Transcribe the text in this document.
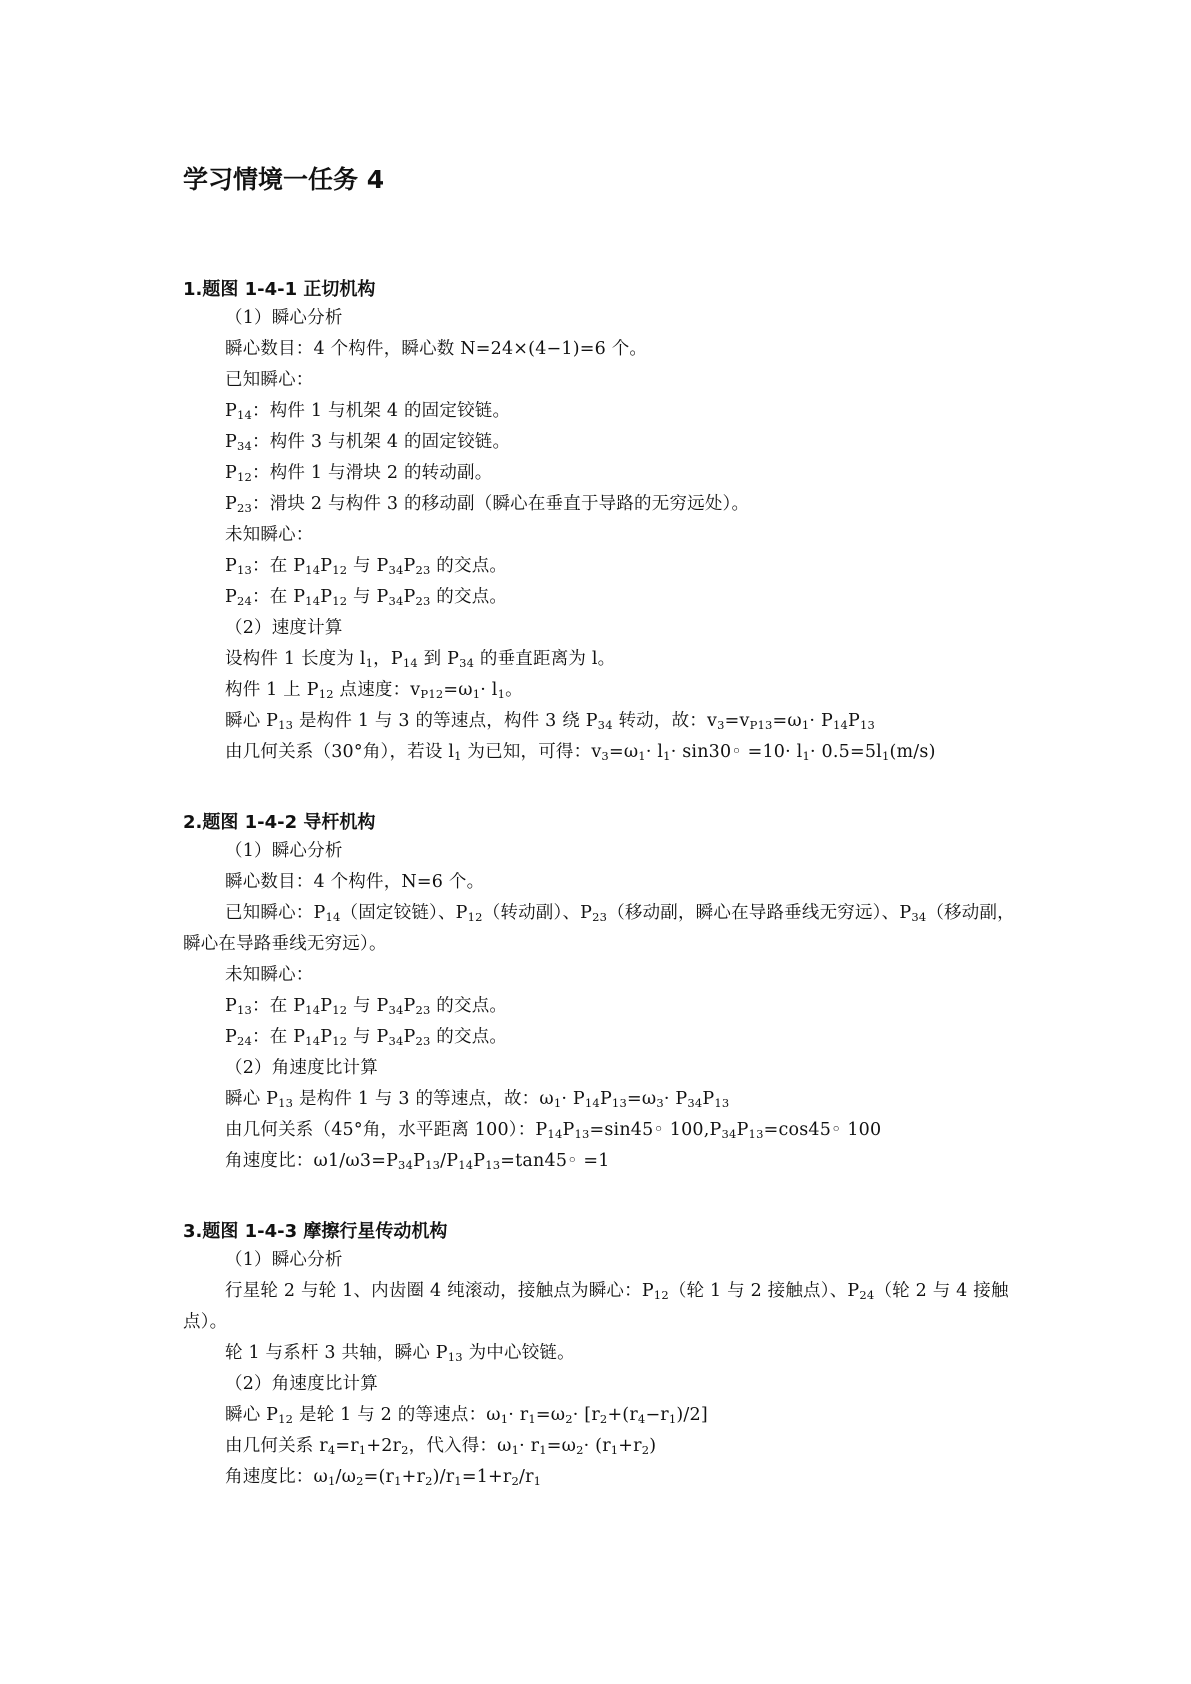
学习情境一任务 4
1.题图 1-4-1 正切机构
（1）瞬心分析
瞬心数目：4 个构件，瞬心数 N=24×(4−1)=6 个。
已知瞬心：
$P_{14}$：构件 1 与机架 4 的固定铰链。
$P_{34}$：构件 3 与机架 4 的固定铰链。
$P_{12}$：构件 1 与滑块 2 的转动副。
$P_{23}$：滑块 2 与构件 3 的移动副（瞬心在垂直于导路的无穷远处）。
未知瞬心：
$P_{13}$：在 $P_{14}P_{12}$ 与 $P_{34}P_{23}$ 的交点。
$P_{24}$：在 $P_{14}P_{12}$ 与 $P_{34}P_{23}$ 的交点。
（2）速度计算
设构件 1 长度为 $l_1$，$P_{14}$ 到 $P_{34}$ 的垂直距离为 l。
构件 1 上 $P_{12}$ 点速度：$v_{P12}=\omega_1\cdot l_1$。
瞬心 $P_{13}$ 是构件 1 与 3 的等速点，构件 3 绕 $P_{34}$ 转动，故：$v_3=v_{P13}=\omega_1\cdot P_{14}P_{13}$
由几何关系（30°角），若设 $l_1$ 为已知，可得：$v_3=\omega_1\cdot l_1\cdot$ sin30◦ $=10\cdot l_1\cdot 0.5=5l_1(m/s)$
2.题图 1-4-2 导杆机构
（1）瞬心分析
瞬心数目：4 个构件，N=6 个。
已知瞬心：$P_{14}$（固定铰链）、$P_{12}$（转动副）、$P_{23}$（移动副，瞬心在导路垂线无穷远）、$P_{34}$（移动副，瞬心在导路垂线无穷远）。
未知瞬心：
$P_{13}$：在 $P_{14}P_{12}$ 与 $P_{34}P_{23}$ 的交点。
$P_{24}$：在 $P_{14}P_{12}$ 与 $P_{34}P_{23}$ 的交点。
（2）角速度比计算
瞬心 $P_{13}$ 是构件 1 与 3 的等速点，故：$\omega_1\cdot P_{14}P_{13}=\omega_3\cdot P_{34}P_{13}$
由几何关系（45°角，水平距离 100）：$P_{14}P_{13}=\sin 45◦$ $100,P_{34}P_{13}=\cos 45◦$ 100
角速度比：$\omega 1/\omega 3=P_{34}P_{13}/P_{14}P_{13}=\tan 45◦ =1$
3.题图 1-4-3 摩擦行星传动机构
（1）瞬心分析
行星轮 2 与轮 1、内齿圈 4 纯滚动，接触点为瞬心：$P_{12}$（轮 1 与 2 接触点）、$P_{24}$（轮 2 与 4 接触点）。
轮 1 与系杆 3 共轴，瞬心 $P_{13}$ 为中心铰链。
（2）角速度比计算
瞬心 $P_{12}$ 是轮 1 与 2 的等速点：$\omega_1\cdot r_1=\omega_2\cdot [r_2+(r_4-r_1)/2]$
由几何关系 $r_4=r_1+2r_2$，代入得：$\omega_1\cdot r_1=\omega_2\cdot (r_1+r_2)$
角速度比：$\omega_1/\omega_2=(r_1+r_2)/r_1=1+r_2/r_1$
